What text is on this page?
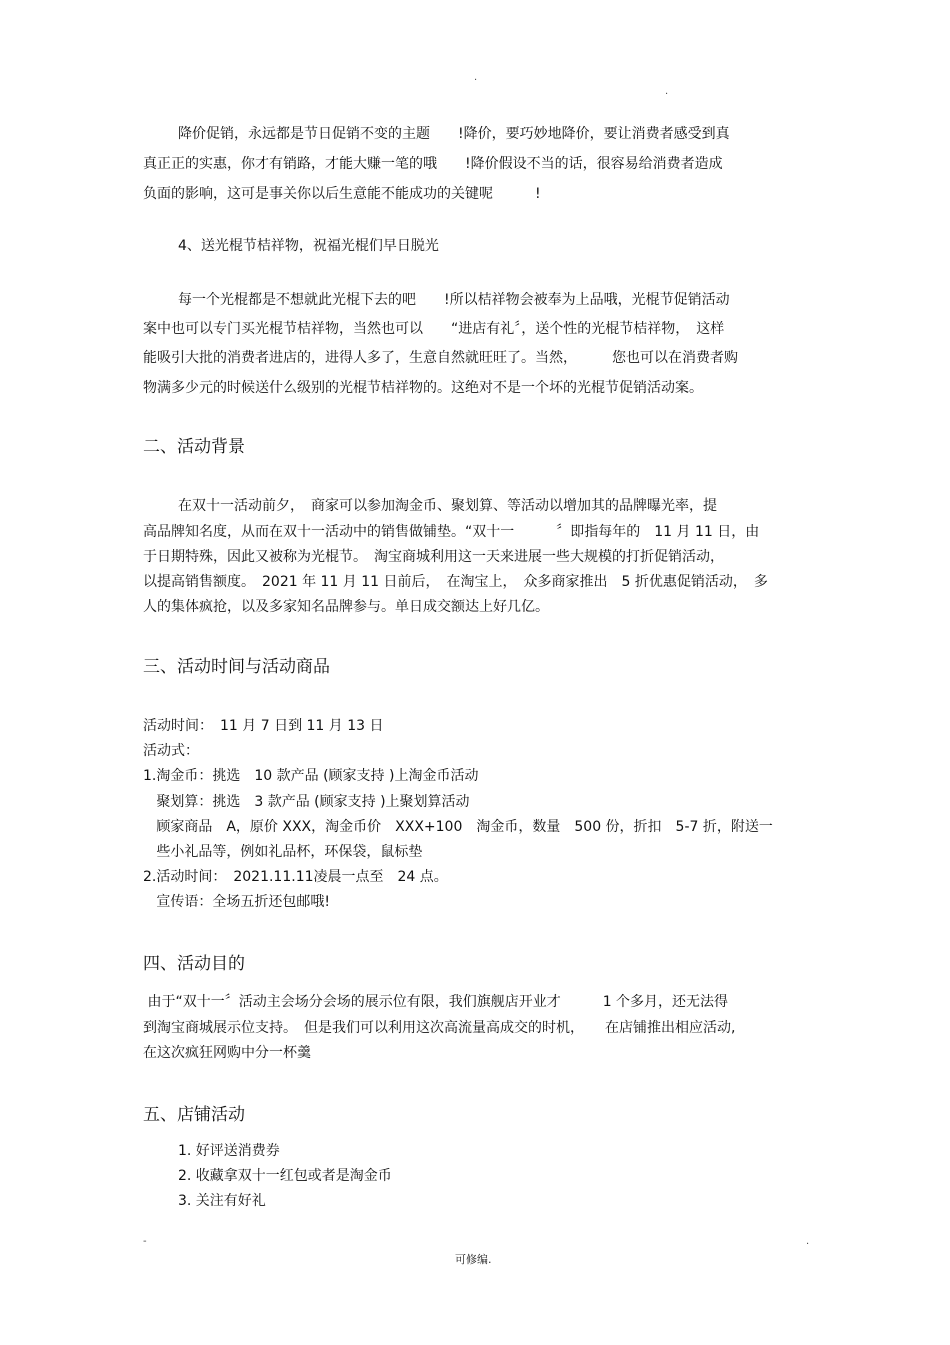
.
.

降价促销，永远都是节日促销不变的主题　　!降价，要巧妙地降价，要让消费者感受到真

真正正的实惠，你才有销路，才能大赚一笔的哦　　!降价假设不当的话，很容易给消费者造成

负面的影响，这可是事关你以后生意能不能成功的关键呢　　　!

4、送光棍节桔祥物，祝福光棍们早日脱光

每一个光棍都是不想就此光棍下去的吧　　!所以桔祥物会被奉为上品哦，光棍节促销活动

案中也可以专门买光棍节桔祥物，当然也可以　　“进店有礼〞，送个性的光棍节桔祥物，　这样

能吸引大批的消费者进店的，进得人多了，生意自然就旺旺了。当然，　　　您也可以在消费者购

物满多少元的时候送什么级别的光棍节桔祥物的。这绝对不是一个坏的光棍节促销活动案。

二、活动背景

在双十一活动前夕，　商家可以参加淘金币、聚划算、等活动以增加其的品牌曝光率，提

高品牌知名度，从而在双十一活动中的销售做铺垫。“双十一　　　〞即指每年的　11 月 11 日，由

于日期特殊，因此又被称为光棍节。　淘宝商城利用这一天来进展一些大规模的打折促销活动，

以提高销售额度。　2021 年 11 月 11 日前后，　在淘宝上，　众多商家推出　5 折优惠促销活动，　多

人的集体疯抢，以及多家知名品牌参与。单日成交额达上好几亿。

三、活动时间与活动商品

活动时间：　11 月 7 日到 11 月 13 日

活动式：

1.淘金币：挑选　10 款产品 (顾家支持 )上淘金币活动

聚划算：挑选　3 款产品 (顾家支持 )上聚划算活动

顾家商品　A，原价 XXX，淘金币价　XXX+100　淘金币，数量　500 份，折扣　5-7 折，附送一

些小礼品等，例如礼品杯，环保袋，鼠标垫

2.活动时间：　2021.11.11凌晨一点至　24 点。

宣传语：全场五折还包邮哦!

四、活动目的

由于“双十一〞活动主会场分会场的展示位有限，我们旗舰店开业才　　　1 个多月，还无法得

到淘宝商城展示位支持。　但是我们可以利用这次高流量高成交的时机，　　在店铺推出相应活动,

在这次疯狂网购中分一杯羹

五、店铺活动

1. 好评送消费券

2. 收藏拿双十一红包或者是淘金币

3. 关注有好礼

-
可修编.
.
